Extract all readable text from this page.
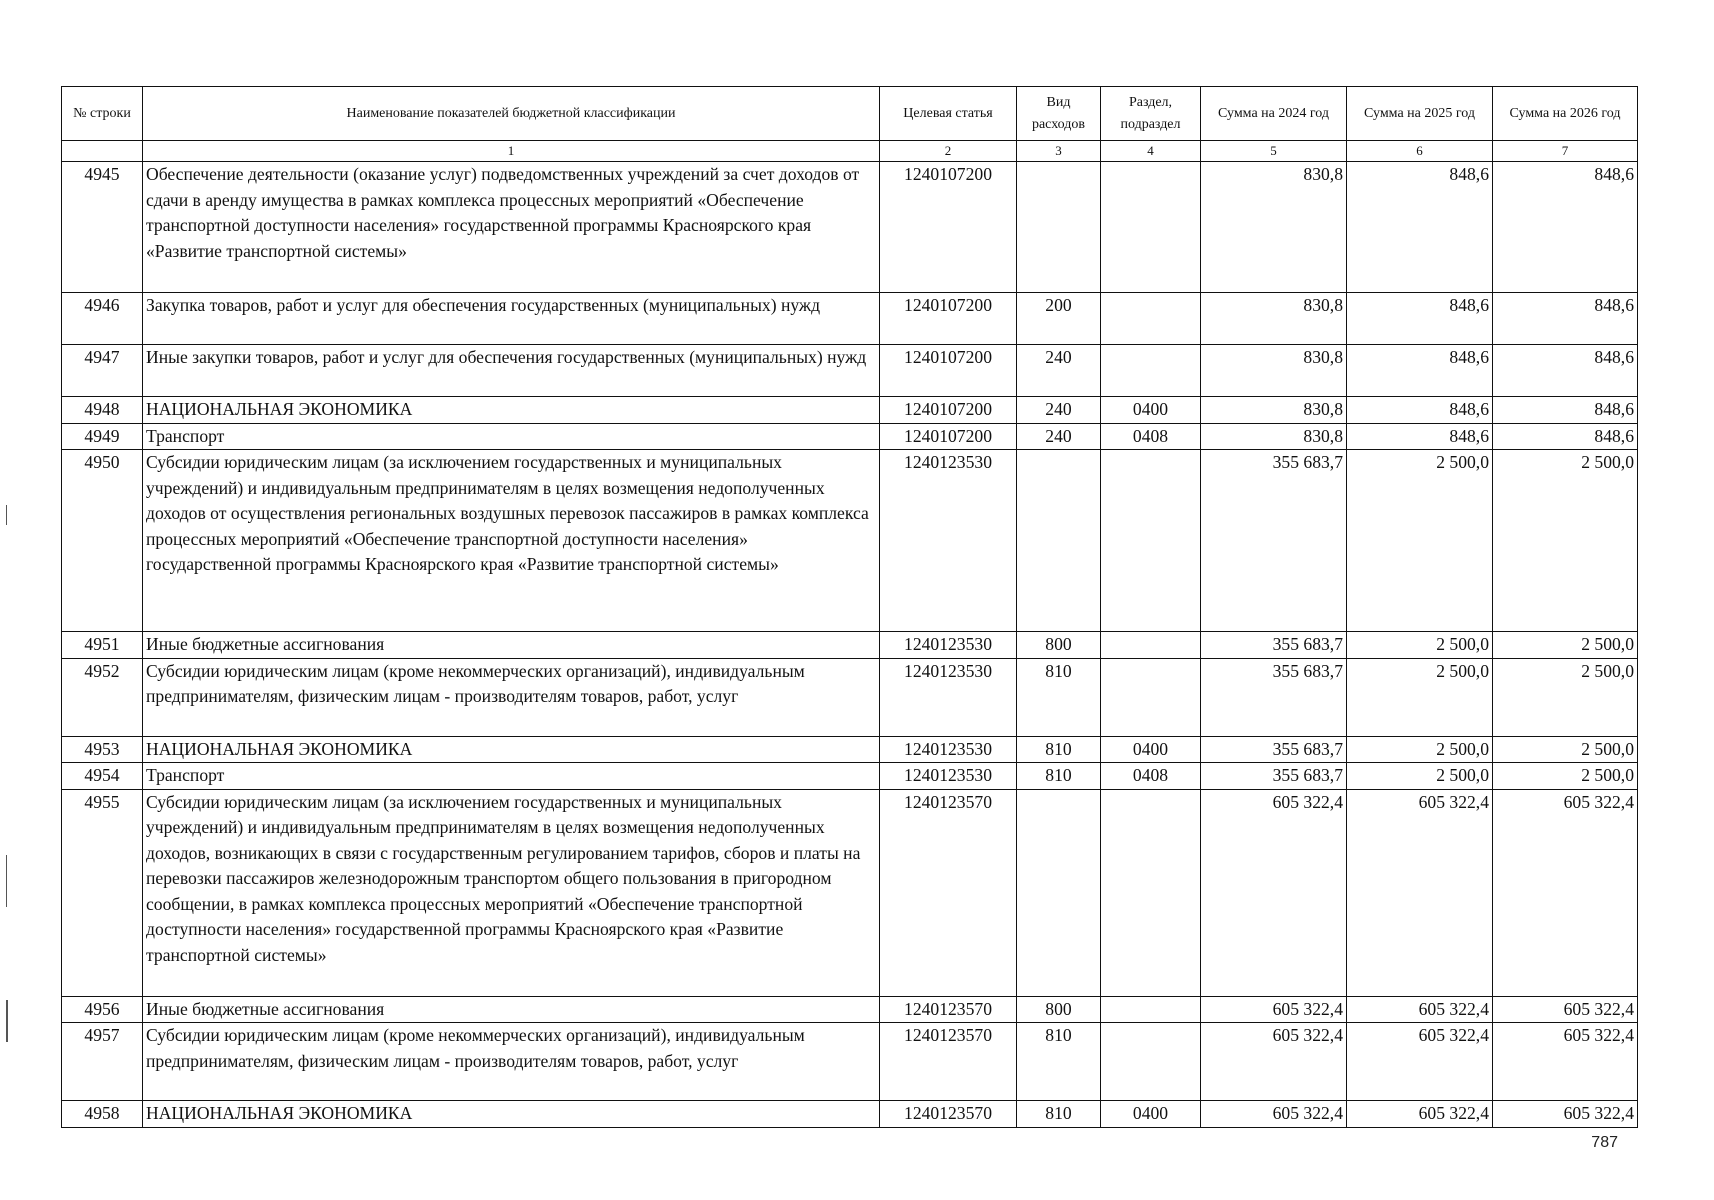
№ строки	Наименование показателей бюджетной классификации	Целевая статья	Вид расходов	Раздел, подраздел	Сумма на 2024 год	Сумма на 2025 год	Сумма на 2026 год
	1	2	3	4	5	6	7
4945	Обеспечение деятельности (оказание услуг) подведомственных учреждений за счет доходов от сдачи в аренду имущества в рамках комплекса процессных мероприятий «Обеспечение транспортной доступности населения» государственной программы Красноярского края «Развитие транспортной системы»	1240107200			830,8	848,6	848,6
4946	Закупка товаров, работ и услуг для обеспечения государственных (муниципальных) нужд	1240107200	200		830,8	848,6	848,6
4947	Иные закупки товаров, работ и услуг для обеспечения государственных (муниципальных) нужд	1240107200	240		830,8	848,6	848,6
4948	НАЦИОНАЛЬНАЯ ЭКОНОМИКА	1240107200	240	0400	830,8	848,6	848,6
4949	Транспорт	1240107200	240	0408	830,8	848,6	848,6
4950	Субсидии юридическим лицам (за исключением государственных и муниципальных учреждений) и индивидуальным предпринимателям в целях возмещения недополученных доходов от осуществления региональных воздушных перевозок пассажиров в рамках комплекса процессных мероприятий «Обеспечение транспортной доступности населения» государственной программы Красноярского края «Развитие транспортной системы»	1240123530			355 683,7	2 500,0	2 500,0
4951	Иные бюджетные ассигнования	1240123530	800		355 683,7	2 500,0	2 500,0
4952	Субсидии юридическим лицам (кроме некоммерческих организаций), индивидуальным предпринимателям, физическим лицам - производителям товаров, работ, услуг	1240123530	810		355 683,7	2 500,0	2 500,0
4953	НАЦИОНАЛЬНАЯ ЭКОНОМИКА	1240123530	810	0400	355 683,7	2 500,0	2 500,0
4954	Транспорт	1240123530	810	0408	355 683,7	2 500,0	2 500,0
4955	Субсидии юридическим лицам (за исключением государственных и муниципальных учреждений) и индивидуальным предпринимателям в целях возмещения недополученных доходов, возникающих в связи с государственным регулированием тарифов, сборов и платы на перевозки пассажиров железнодорожным транспортом общего пользования в пригородном сообщении, в рамках комплекса процессных мероприятий «Обеспечение транспортной доступности населения» государственной программы Красноярского края «Развитие транспортной системы»	1240123570			605 322,4	605 322,4	605 322,4
4956	Иные бюджетные ассигнования	1240123570	800		605 322,4	605 322,4	605 322,4
4957	Субсидии юридическим лицам (кроме некоммерческих организаций), индивидуальным предпринимателям, физическим лицам - производителям товаров, работ, услуг	1240123570	810		605 322,4	605 322,4	605 322,4
4958	НАЦИОНАЛЬНАЯ ЭКОНОМИКА	1240123570	810	0400	605 322,4	605 322,4	605 322,4
787
